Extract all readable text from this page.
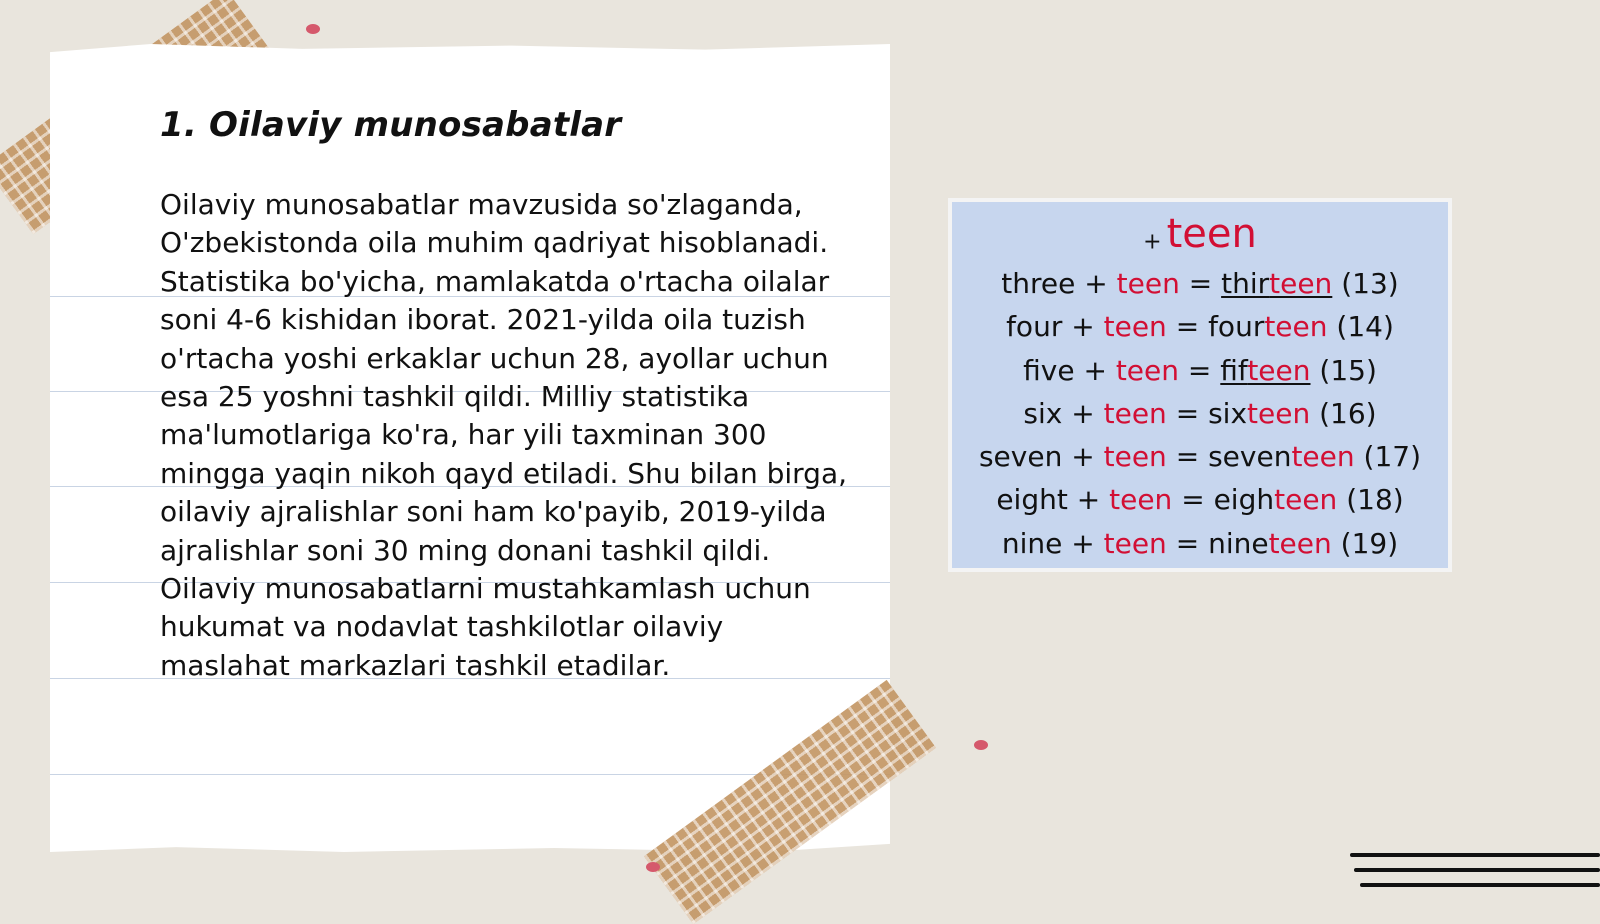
1. Oilaviy munosabatlar

Oilaviy munosabatlar mavzusida so'zlaganda, O'zbekistonda oila muhim qadriyat hisoblanadi. Statistika bo'yicha, mamlakatda o'rtacha oilalar soni 4-6 kishidan iborat. 2021-yilda oila tuzish o'rtacha yoshi erkaklar uchun 28, ayollar uchun esa 25 yoshni tashkil qildi. Milliy statistika ma'lumotlariga ko'ra, har yili taxminan 300 mingga yaqin nikoh qayd etiladi. Shu bilan birga, oilaviy ajralishlar soni ham ko'payib, 2019-yilda ajralishlar soni 30 ming donani tashkil qildi. Oilaviy munosabatlarni mustahkamlash uchun hukumat va nodavlat tashkilotlar oilaviy maslahat markazlari tashkil etadilar.

+ teen
three + teen = thirteen (13)
four + teen = fourteen (14)
five + teen = fifteen (15)
six + teen = sixteen (16)
seven + teen = seventeen (17)
eight + teen = eighteen (18)
nine + teen = nineteen (19)
